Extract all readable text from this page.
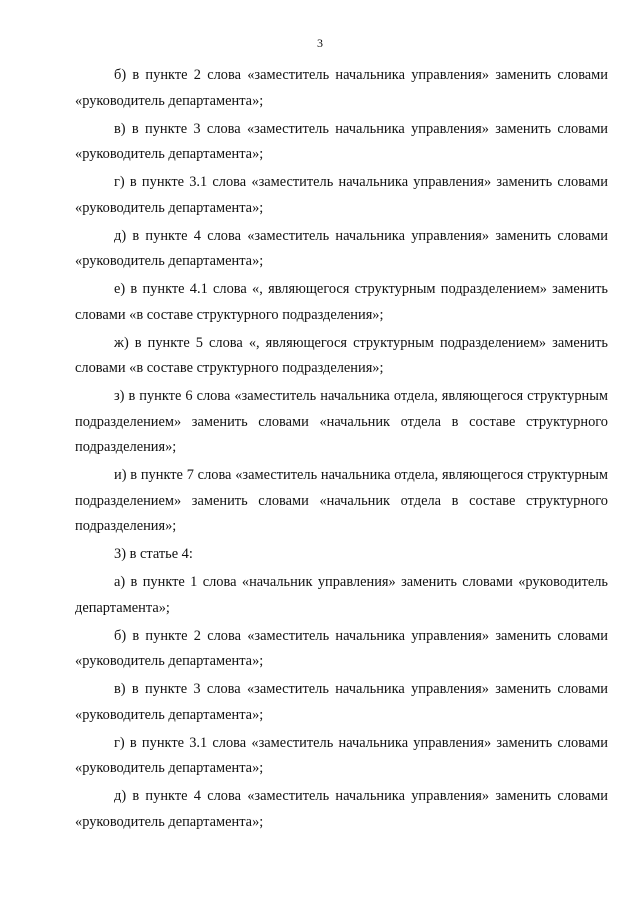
3

б) в пункте 2 слова «заместитель начальника управления» заменить словами «руководитель департамента»;

в) в пункте 3 слова «заместитель начальника управления» заменить словами «руководитель департамента»;

г) в пункте 3.1 слова «заместитель начальника управления» заменить словами «руководитель департамента»;

д) в пункте 4 слова «заместитель начальника управления» заменить словами «руководитель департамента»;

е) в пункте 4.1 слова «, являющегося структурным подразделением» заменить словами «в составе структурного подразделения»;

ж) в пункте 5 слова «, являющегося структурным подразделением» заменить словами «в составе структурного подразделения»;

з) в пункте 6 слова «заместитель начальника отдела, являющегося структурным подразделением» заменить словами «начальник отдела в составе структурного подразделения»;

и) в пункте 7 слова «заместитель начальника отдела, являющегося структурным подразделением» заменить словами «начальник отдела в составе структурного подразделения»;

3) в статье 4:

а) в пункте 1 слова «начальник управления» заменить словами «руководитель департамента»;

б) в пункте 2 слова «заместитель начальника управления» заменить словами «руководитель департамента»;

в) в пункте 3 слова «заместитель начальника управления» заменить словами «руководитель департамента»;

г) в пункте 3.1 слова «заместитель начальника управления» заменить словами «руководитель департамента»;

д) в пункте 4 слова «заместитель начальника управления» заменить словами «руководитель департамента»;
